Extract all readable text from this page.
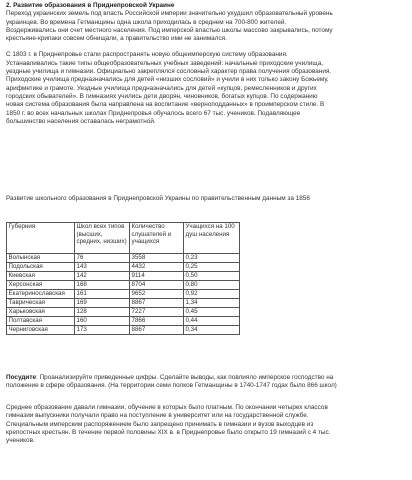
2. Развитие образования в Приднепровской Украине

Переход украинских земель под власть Российской империи значительно ухудшил образовательный уровень

украинцев. Во времена Гетманщины одна школа приходилась в среднем на 700-800 жителей.

Воздерживались они счет местного населения. Под имперской властью школы массово закрывались, потому

крестьяне-крипаки совсем обнищали, а правительство ими не занимался.

С 1803 г. в Приднепровье стали распространять новую общеимперскую систему образования.

Устанавливались такие типы общеобразовательных учебных заведений: начальные приходские училища,

уездные училища и гимназии. Официально закреплялся сословный характер права получения образования.

Приходские училища предназначались для детей «низших сословий» и учили в них только закону Божьему,

арифметике и грамоте. Уездные училища предназначались для детей «купцов, ремесленников и других

городских обывателей». В гимназиях учились дети дворян, чиновников, богатых купцов. По содержанию

новая система образования была направлена на воспитание «верноподданных» в проимперском стиле. В

1850 г. во всех начальных школах Приднепровья обучалось всего 67 тыс. учеников. Подавляющее

большинство населения оставалась неграмотной.

Развитие школьного образования в Приднепровской Украины по правительственным данным за 1856

Губерния	Школ всех типов (высших, средних, низших)	Количество слушателей и учащихся	Учащихся на 100 душ населения
Волынская	76	3558	0,23
Подольская	143	4432	0,25
Киевская	142	9114	0,50
Херсонская	168	8704	0,80
Екатеринославская	161	9652	0,92
Таврическая	169	8867	1,34
Харьковская	128	7227	0,45
Полтавская	160	7866	0,44
Черниговская	173	8867	0,34

Посудите: Проанализируйте приведенные цифры. Сделайте выводы, как повлияло имперское господство на

положение в сфере образования. (На территории семи полков Гетманщины в 1740-1747 годах было 866 школ)

Среднее образование давали гимназии, обучение в которых было платным. По окончании четырех классов

гимназии выпускники получали право на поступление в университет или на государственной службе.

Специальным имперским распоряжением было запрещено принимать в гимназии и вузов выходцев из

крепостных крестьян. В течение первой половины XIX в. в Приднепровье было открыто 19 гимназий с 4 тыс.

учеников.
